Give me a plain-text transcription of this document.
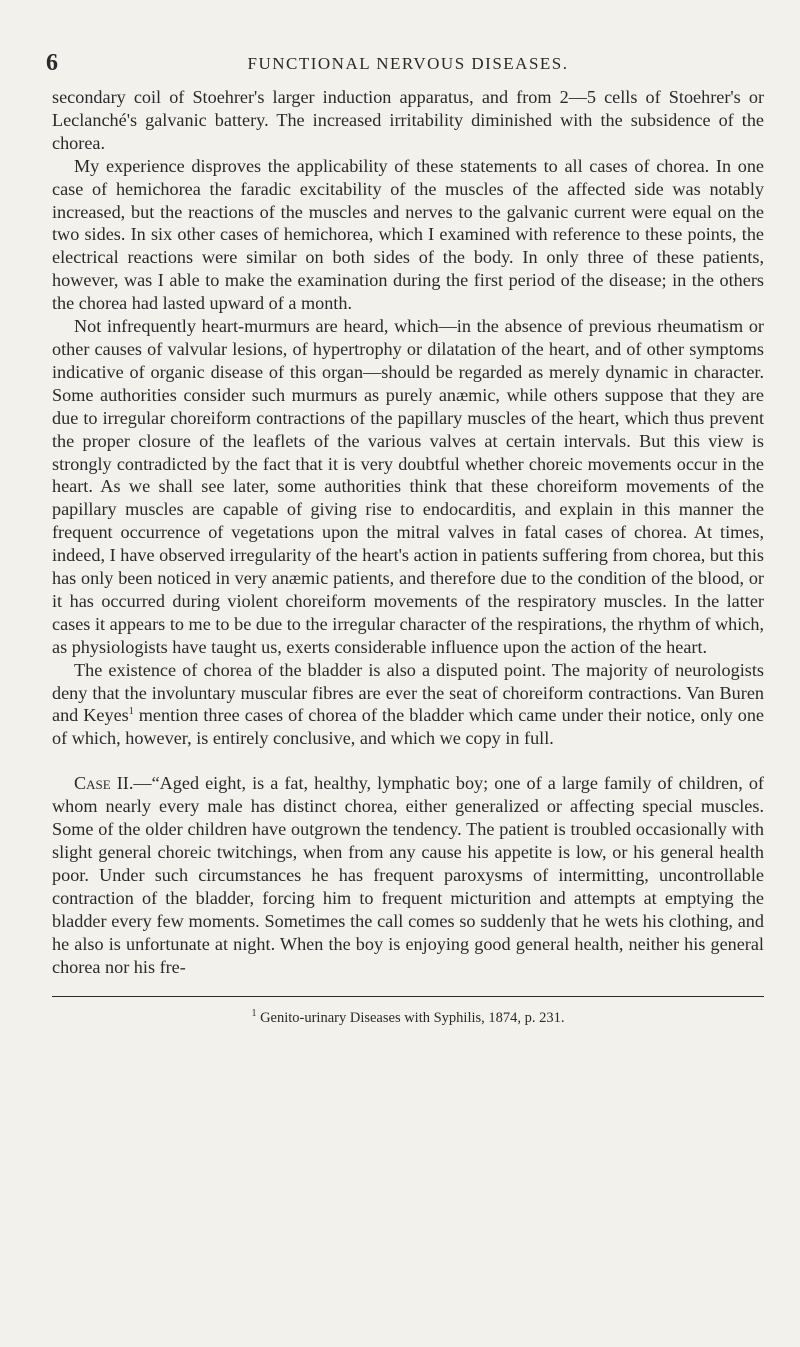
6	FUNCTIONAL NERVOUS DISEASES.

secondary coil of Stoehrer's larger induction apparatus, and from 2—5 cells of Stoehrer's or Leclanché's galvanic battery. The increased irritability diminished with the subsidence of the chorea.

My experience disproves the applicability of these statements to all cases of chorea. In one case of hemichorea the faradic excitability of the muscles of the affected side was notably increased, but the reactions of the muscles and nerves to the galvanic current were equal on the two sides. In six other cases of hemichorea, which I examined with reference to these points, the electrical reactions were similar on both sides of the body. In only three of these patients, however, was I able to make the examination during the first period of the disease; in the others the chorea had lasted upward of a month.

Not infrequently heart-murmurs are heard, which—in the absence of previous rheumatism or other causes of valvular lesions, of hypertrophy or dilatation of the heart, and of other symptoms indicative of organic disease of this organ—should be regarded as merely dynamic in character. Some authorities consider such murmurs as purely anæmic, while others suppose that they are due to irregular choreiform contractions of the papillary muscles of the heart, which thus prevent the proper closure of the leaflets of the various valves at certain intervals. But this view is strongly contradicted by the fact that it is very doubtful whether choreic movements occur in the heart. As we shall see later, some authorities think that these choreiform movements of the papillary muscles are capable of giving rise to endocarditis, and explain in this manner the frequent occurrence of vegetations upon the mitral valves in fatal cases of chorea. At times, indeed, I have observed irregularity of the heart's action in patients suffering from chorea, but this has only been noticed in very anæmic patients, and therefore due to the condition of the blood, or it has occurred during violent choreiform movements of the respiratory muscles. In the latter cases it appears to me to be due to the irregular character of the respirations, the rhythm of which, as physiologists have taught us, exerts considerable influence upon the action of the heart.

The existence of chorea of the bladder is also a disputed point. The majority of neurologists deny that the involuntary muscular fibres are ever the seat of choreiform contractions. Van Buren and Keyes$^1$ mention three cases of chorea of the bladder which came under their notice, only one of which, however, is entirely conclusive, and which we copy in full.

Case II.—“Aged eight, is a fat, healthy, lymphatic boy; one of a large family of children, of whom nearly every male has distinct chorea, either generalized or affecting special muscles. Some of the older children have outgrown the tendency. The patient is troubled occasionally with slight general choreic twitchings, when from any cause his appetite is low, or his general health poor. Under such circumstances he has frequent paroxysms of intermitting, uncontrollable contraction of the bladder, forcing him to frequent micturition and attempts at emptying the bladder every few moments. Sometimes the call comes so suddenly that he wets his clothing, and he also is unfortunate at night. When the boy is enjoying good general health, neither his general chorea nor his fre-

$^1$ Genito-urinary Diseases with Syphilis, 1874, p. 231.
